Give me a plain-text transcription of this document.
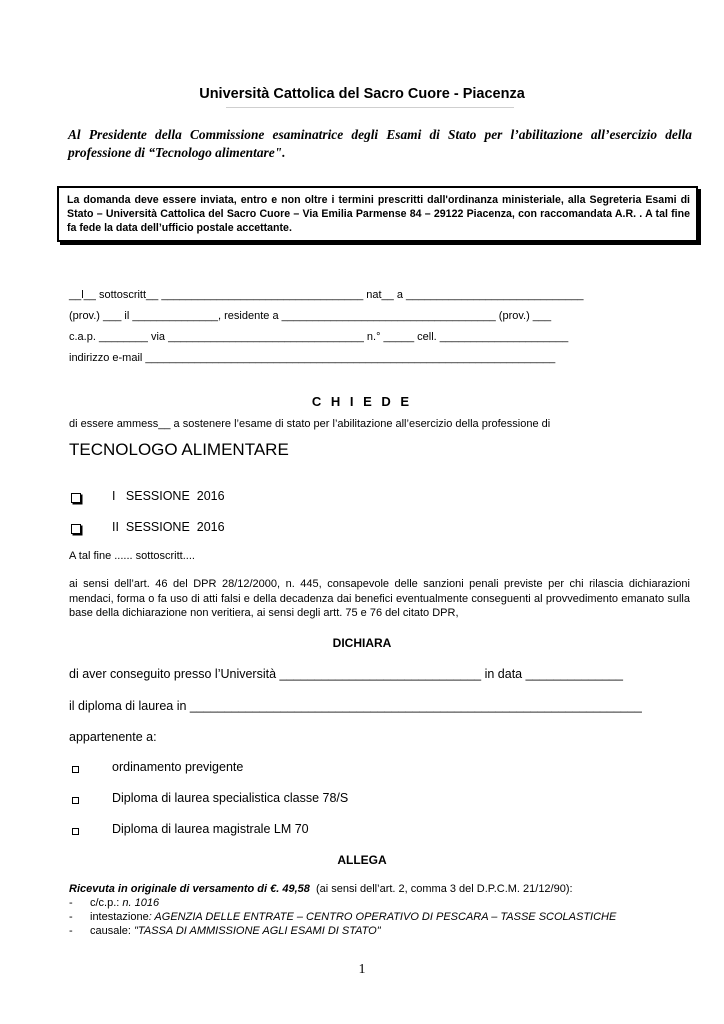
Università Cattolica del Sacro Cuore - Piacenza
Al Presidente della Commissione esaminatrice degli Esami di Stato per l’abilitazione all’esercizio della professione di “Tecnologo alimentare".
La domanda deve essere inviata, entro e non oltre i termini prescritti dall'ordinanza ministeriale, alla Segreteria Esami di Stato – Università Cattolica del Sacro Cuore – Via Emilia Parmense 84 – 29122 Piacenza, con raccomandata A.R. . A tal fine fa fede la data dell’ufficio postale accettante.
__l__ sottoscritt__ _________________________________ nat__ a _____________________________
(prov.) ___ il ______________, residente a ___________________________________ (prov.) ___
c.a.p. ________ via ________________________________ n.° _____ cell. _____________________
indirizzo e-mail ___________________________________________________________________
C H I E D E
di essere ammess__ a sostenere l’esame di stato per l’abilitazione all’esercizio della professione di
TECNOLOGO ALIMENTARE
I   SESSIONE  2016
II  SESSIONE  2016
A tal fine ...... sottoscritt....
ai sensi dell’art. 46 del DPR 28/12/2000, n. 445, consapevole delle sanzioni penali previste per chi rilascia dichiarazioni mendaci, forma o fa uso di atti falsi e della decadenza dai benefici eventualmente conseguenti al provvedimento emanato sulla base della dichiarazione non veritiera, ai sensi degli artt. 75 e 76 del citato DPR,
DICHIARA
di aver conseguito presso l’Università _____________________________ in data ______________
il diploma di laurea in _________________________________________________________________
appartenente a:
ordinamento previgente
Diploma di laurea specialistica classe 78/S
Diploma di laurea magistrale LM 70
ALLEGA
Ricevuta in originale di versamento di €. 49,58  (ai sensi dell’art. 2, comma 3 del D.P.C.M. 21/12/90):
- c/c.p.: n. 1016
- intestazione: AGENZIA DELLE ENTRATE – CENTRO OPERATIVO DI PESCARA – TASSE SCOLASTICHE
- causale: "TASSA DI AMMISSIONE AGLI ESAMI DI STATO"
1
